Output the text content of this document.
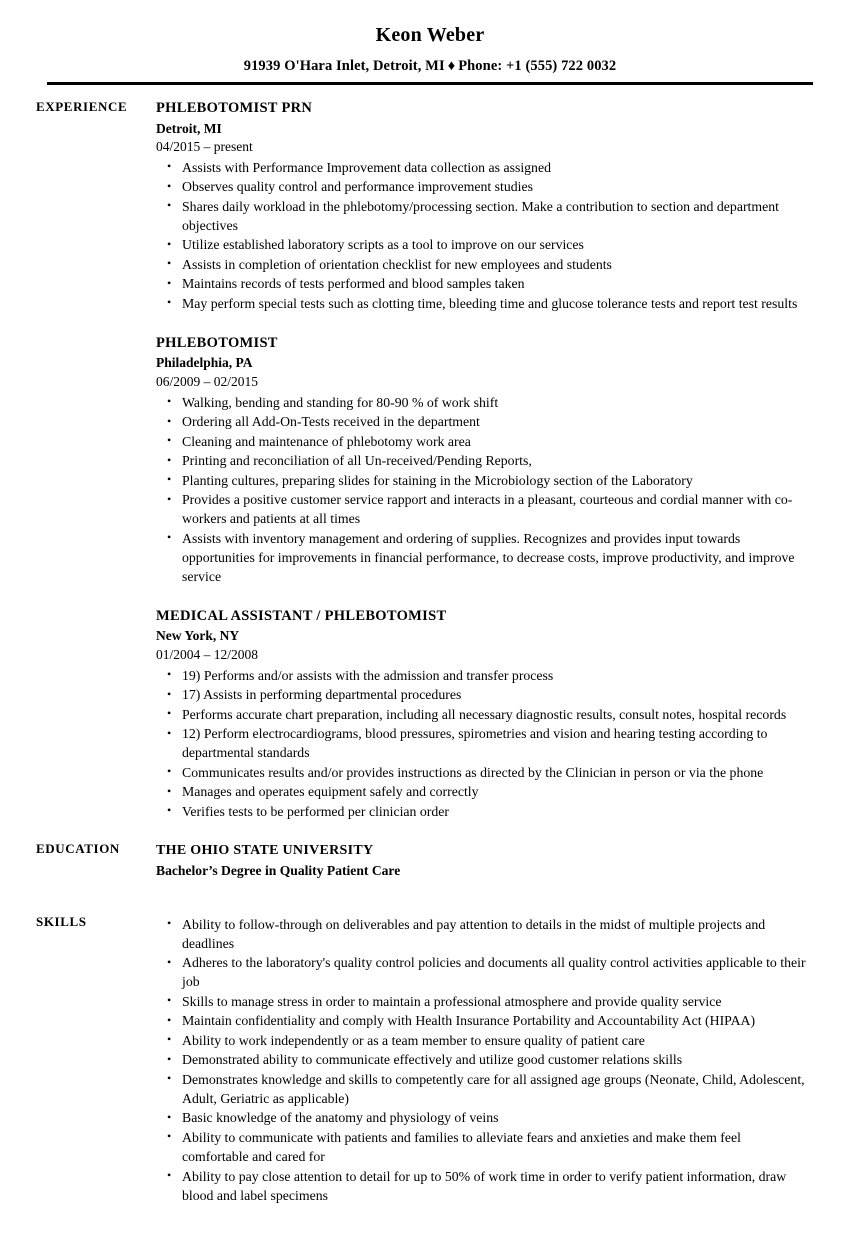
Keon Weber
91939 O'Hara Inlet, Detroit, MI ♦ Phone: +1 (555) 722 0032
EXPERIENCE	PHLEBOTOMIST PRN
Detroit, MI
04/2015 – present
• Assists with Performance Improvement data collection as assigned
• Observes quality control and performance improvement studies
• Shares daily workload in the phlebotomy/processing section. Make a contribution to section and department objectives
• Utilize established laboratory scripts as a tool to improve on our services
• Assists in completion of orientation checklist for new employees and students
• Maintains records of tests performed and blood samples taken
• May perform special tests such as clotting time, bleeding time and glucose tolerance tests and report test results
PHLEBOTOMIST
Philadelphia, PA
06/2009 – 02/2015
• Walking, bending and standing for 80-90 % of work shift
• Ordering all Add-On-Tests received in the department
• Cleaning and maintenance of phlebotomy work area
• Printing and reconciliation of all Un-received/Pending Reports,
• Planting cultures, preparing slides for staining in the Microbiology section of the Laboratory
• Provides a positive customer service rapport and interacts in a pleasant, courteous and cordial manner with co-workers and patients at all times
• Assists with inventory management and ordering of supplies. Recognizes and provides input towards opportunities for improvements in financial performance, to decrease costs, improve productivity, and improve service
MEDICAL ASSISTANT / PHLEBOTOMIST
New York, NY
01/2004 – 12/2008
• 19) Performs and/or assists with the admission and transfer process
• 17) Assists in performing departmental procedures
• Performs accurate chart preparation, including all necessary diagnostic results, consult notes, hospital records
• 12) Perform electrocardiograms, blood pressures, spirometries and vision and hearing testing according to departmental standards
• Communicates results and/or provides instructions as directed by the Clinician in person or via the phone
• Manages and operates equipment safely and correctly
• Verifies tests to be performed per clinician order
EDUCATION	THE OHIO STATE UNIVERSITY
Bachelor’s Degree in Quality Patient Care
SKILLS	• Ability to follow-through on deliverables and pay attention to details in the midst of multiple projects and deadlines
• Adheres to the laboratory's quality control policies and documents all quality control activities applicable to their job
• Skills to manage stress in order to maintain a professional atmosphere and provide quality service
• Maintain confidentiality and comply with Health Insurance Portability and Accountability Act (HIPAA)
• Ability to work independently or as a team member to ensure quality of patient care
• Demonstrated ability to communicate effectively and utilize good customer relations skills
• Demonstrates knowledge and skills to competently care for all assigned age groups (Neonate, Child, Adolescent, Adult, Geriatric as applicable)
• Basic knowledge of the anatomy and physiology of veins
• Ability to communicate with patients and families to alleviate fears and anxieties and make them feel comfortable and cared for
• Ability to pay close attention to detail for up to 50% of work time in order to verify patient information, draw blood and label specimens
